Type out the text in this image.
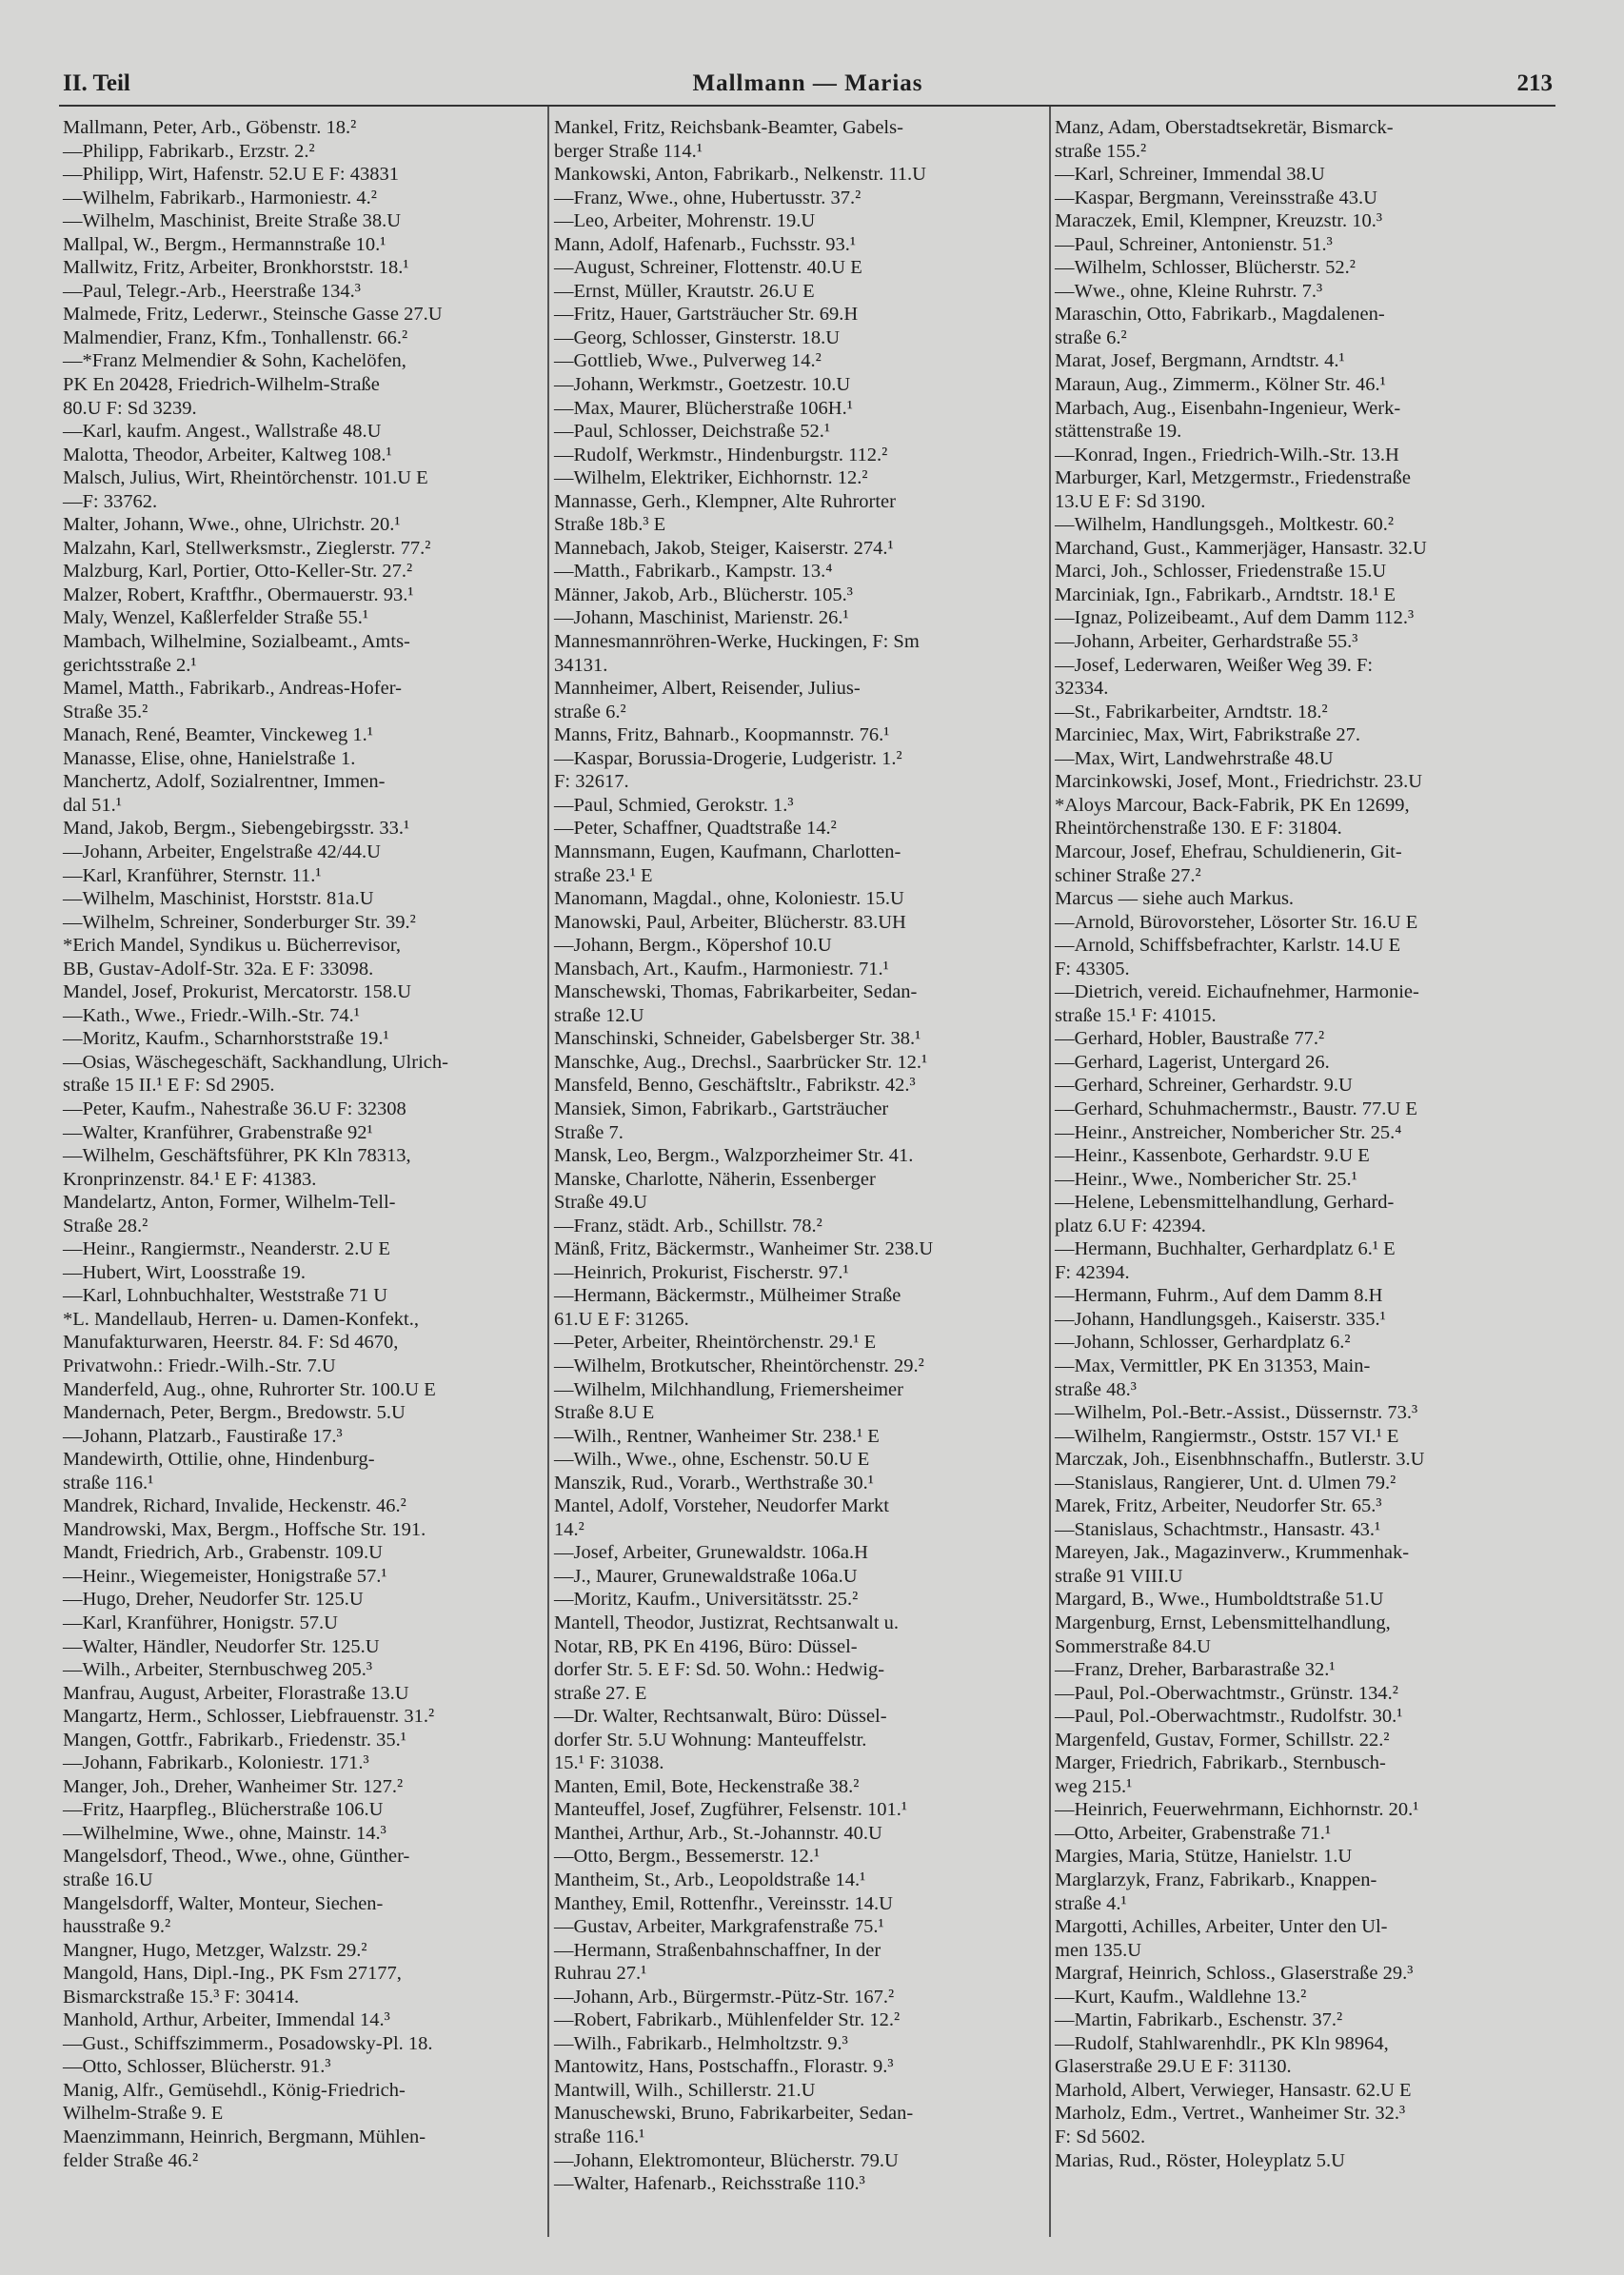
II. Teil	Mallmann — Marias	213
Mallmann, Peter, Arb., Göbenstr. 18.²
—Philipp, Fabrikarb., Erzstr. 2.²
—Philipp, Wirt, Hafenstr. 52.U E F: 43831
—Wilhelm, Fabrikarb., Harmoniestr. 4.²
—Wilhelm, Maschinist, Breite Straße 38.U
Mallpal, W., Bergm., Hermannstraße 10.¹
Mallwitz, Fritz, Arbeiter, Bronkhorststr. 18.¹
—Paul, Telegr.-Arb., Heerstraße 134.³
Malmede, Fritz, Lederwr., Steinsche Gasse 27.U
Malmendier, Franz, Kfm., Tonhallenstr. 66.²
—*Franz Melmendier & Sohn, Kachelöfen,
PK En 20428, Friedrich-Wilhelm-Straße
80.U F: Sd 3239.
—Karl, kaufm. Angest., Wallstraße 48.U
Malotta, Theodor, Arbeiter, Kaltweg 108.¹
Malsch, Julius, Wirt, Rheintörchenstr. 101.U E
—F: 33762.
Malter, Johann, Wwe., ohne, Ulrichstr. 20.¹
Malzahn, Karl, Stellwerksmstr., Zieglerstr. 77.²
Malzburg, Karl, Portier, Otto-Keller-Str. 27.²
Malzer, Robert, Kraftfhr., Obermauerstr. 93.¹
Maly, Wenzel, Kaßlerfelder Straße 55.¹
Mambach, Wilhelmine, Sozialbeamt., Amts-
gerichtsstraße 2.¹
Mamel, Matth., Fabrikarb., Andreas-Hofer-
Straße 35.²
Manach, René, Beamter, Vinckeweg 1.¹
Manasse, Elise, ohne, Hanielstraße 1.
Manchertz, Adolf, Sozialrentner, Immen-
dal 51.¹
Mand, Jakob, Bergm., Siebengebirgsstr. 33.¹
—Johann, Arbeiter, Engelstraße 42/44.U
—Karl, Kranführer, Sternstr. 11.¹
—Wilhelm, Maschinist, Horststr. 81a.U
—Wilhelm, Schreiner, Sonderburger Str. 39.²
*Erich Mandel, Syndikus u. Bücherrevisor,
BB, Gustav-Adolf-Str. 32a. E F: 33098.
Mandel, Josef, Prokurist, Mercatorstr. 158.U
—Kath., Wwe., Friedr.-Wilh.-Str. 74.¹
—Moritz, Kaufm., Scharnhorststraße 19.¹
—Osias, Wäschegeschäft, Sackhandlung, Ulrich-
straße 15 II.¹ E F: Sd 2905.
—Peter, Kaufm., Nahestraße 36.U F: 32308
—Walter, Kranführer, Grabenstraße 92¹
—Wilhelm, Geschäftsführer, PK Kln 78313,
Kronprinzenstr. 84.¹ E F: 41383.
Mandelartz, Anton, Former, Wilhelm-Tell-
Straße 28.²
—Heinr., Rangiermstr., Neanderstr. 2.U E
—Hubert, Wirt, Loosstraße 19.
—Karl, Lohnbuchhalter, Weststraße 71 U
*L. Mandellaub, Herren- u. Damen-Konfekt.,
Manufakturwaren, Heerstr. 84. F: Sd 4670,
Privatwohn.: Friedr.-Wilh.-Str. 7.U
Manderfeld, Aug., ohne, Ruhrorter Str. 100.U E
Mandernach, Peter, Bergm., Bredowstr. 5.U
—Johann, Platzarb., Faustiraße 17.³
Mandewirth, Ottilie, ohne, Hindenburg-
straße 116.¹
Mandrek, Richard, Invalide, Heckenstr. 46.²
Mandrowski, Max, Bergm., Hoffsche Str. 191.
Mandt, Friedrich, Arb., Grabenstr. 109.U
—Heinr., Wiegemeister, Honigstraße 57.¹
—Hugo, Dreher, Neudorfer Str. 125.U
—Karl, Kranführer, Honigstr. 57.U
—Walter, Händler, Neudorfer Str. 125.U
—Wilh., Arbeiter, Sternbuschweg 205.³
Manfrau, August, Arbeiter, Florastraße 13.U
Mangartz, Herm., Schlosser, Liebfrauenstr. 31.²
Mangen, Gottfr., Fabrikarb., Friedenstr. 35.¹
—Johann, Fabrikarb., Koloniestr. 171.³
Manger, Joh., Dreher, Wanheimer Str. 127.²
—Fritz, Haarpfleg., Blücherstraße 106.U
—Wilhelmine, Wwe., ohne, Mainstr. 14.³
Mangelsdorf, Theod., Wwe., ohne, Günther-
straße 16.U
Mangelsdorff, Walter, Monteur, Siechen-
hausstraße 9.²
Mangner, Hugo, Metzger, Walzstr. 29.²
Mangold, Hans, Dipl.-Ing., PK Fsm 27177,
Bismarckstraße 15.³ F: 30414.
Manhold, Arthur, Arbeiter, Immendal 14.³
—Gust., Schiffszimmerm., Posadowsky-Pl. 18.
—Otto, Schlosser, Blücherstr. 91.³
Manig, Alfr., Gemüsehdl., König-Friedrich-
Wilhelm-Straße 9. E
Maenzimmann, Heinrich, Bergmann, Mühlen-
felder Straße 46.²
Mankel, Fritz, Reichsbank-Beamter, Gabels-
berger Straße 114.¹
Mankowski, Anton, Fabrikarb., Nelkenstr. 11.U
—Franz, Wwe., ohne, Hubertusstr. 37.²
—Leo, Arbeiter, Mohrenstr. 19.U
Mann, Adolf, Hafenarb., Fuchsstr. 93.¹
—August, Schreiner, Flottenstr. 40.U E
—Ernst, Müller, Krautstr. 26.U E
—Fritz, Hauer, Gartsträucher Str. 69.H
—Georg, Schlosser, Ginsterstr. 18.U
—Gottlieb, Wwe., Pulverweg 14.²
—Johann, Werkmstr., Goetzestr. 10.U
—Max, Maurer, Blücherstraße 106H.¹
—Paul, Schlosser, Deichstraße 52.¹
—Rudolf, Werkmstr., Hindenburgstr. 112.²
—Wilhelm, Elektriker, Eichhornstr. 12.²
Mannasse, Gerh., Klempner, Alte Ruhrorter
Straße 18b.³ E
Mannebach, Jakob, Steiger, Kaiserstr. 274.¹
—Matth., Fabrikarb., Kampstr. 13.⁴
Männer, Jakob, Arb., Blücherstr. 105.³
—Johann, Maschinist, Marienstr. 26.¹
Mannesmannröhren-Werke, Huckingen, F: Sm
34131.
Mannheimer, Albert, Reisender, Julius-
straße 6.²
Manns, Fritz, Bahnarb., Koopmannstr. 76.¹
—Kaspar, Borussia-Drogerie, Ludgeristr. 1.²
F: 32617.
—Paul, Schmied, Gerokstr. 1.³
—Peter, Schaffner, Quadtstraße 14.²
Mannsmann, Eugen, Kaufmann, Charlotten-
straße 23.¹ E
Manomann, Magdal., ohne, Koloniestr. 15.U
Manowski, Paul, Arbeiter, Blücherstr. 83.UH
—Johann, Bergm., Köpershof 10.U
Mansbach, Art., Kaufm., Harmoniestr. 71.¹
Manschewski, Thomas, Fabrikarbeiter, Sedan-
straße 12.U
Manschinski, Schneider, Gabelsberger Str. 38.¹
Manschke, Aug., Drechsl., Saarbrücker Str. 12.¹
Mansfeld, Benno, Geschäftsltr., Fabrikstr. 42.³
Mansiek, Simon, Fabrikarb., Gartsträucher
Straße 7.
Mansk, Leo, Bergm., Walzporzheimer Str. 41.
Manske, Charlotte, Näherin, Essenberger
Straße 49.U
—Franz, städt. Arb., Schillstr. 78.²
Mänß, Fritz, Bäckermstr., Wanheimer Str. 238.U
—Heinrich, Prokurist, Fischerstr. 97.¹
—Hermann, Bäckermstr., Mülheimer Straße
61.U E F: 31265.
—Peter, Arbeiter, Rheintörchenstr. 29.¹ E
—Wilhelm, Brotkutscher, Rheintörchenstr. 29.²
—Wilhelm, Milchhandlung, Friemersheimer
Straße 8.U E
—Wilh., Rentner, Wanheimer Str. 238.¹ E
—Wilh., Wwe., ohne, Eschenstr. 50.U E
Manszik, Rud., Vorarb., Werthstraße 30.¹
Mantel, Adolf, Vorsteher, Neudorfer Markt
14.²
—Josef, Arbeiter, Grunewaldstr. 106a.H
—J., Maurer, Grunewaldstraße 106a.U
—Moritz, Kaufm., Universitätsstr. 25.²
Mantell, Theodor, Justizrat, Rechtsanwalt u.
Notar, RB, PK En 4196, Büro: Düssel-
dorfer Str. 5. E F: Sd. 50. Wohn.: Hedwig-
straße 27. E
—Dr. Walter, Rechtsanwalt, Büro: Düssel-
dorfer Str. 5.U Wohnung: Manteuffelstr.
15.¹ F: 31038.
Manten, Emil, Bote, Heckenstraße 38.²
Manteuffel, Josef, Zugführer, Felsenstr. 101.¹
Manthei, Arthur, Arb., St.-Johannstr. 40.U
—Otto, Bergm., Bessemerstr. 12.¹
Mantheim, St., Arb., Leopoldstraße 14.¹
Manthey, Emil, Rottenfhr., Vereinsstr. 14.U
—Gustav, Arbeiter, Markgrafenstraße 75.¹
—Hermann, Straßenbahnschaffner, In der
Ruhrau 27.¹
—Johann, Arb., Bürgermstr.-Pütz-Str. 167.²
—Robert, Fabrikarb., Mühlenfelder Str. 12.²
—Wilh., Fabrikarb., Helmholtzstr. 9.³
Mantowitz, Hans, Postschaffn., Florastr. 9.³
Mantwill, Wilh., Schillerstr. 21.U
Manuschewski, Bruno, Fabrikarbeiter, Sedan-
straße 116.¹
—Johann, Elektromonteur, Blücherstr. 79.U
—Walter, Hafenarb., Reichsstraße 110.³
Manz, Adam, Oberstadtsekretär, Bismarck-
straße 155.²
—Karl, Schreiner, Immendal 38.U
—Kaspar, Bergmann, Vereinsstraße 43.U
Maraczek, Emil, Klempner, Kreuzstr. 10.³
—Paul, Schreiner, Antonienstr. 51.³
—Wilhelm, Schlosser, Blücherstr. 52.²
—Wwe., ohne, Kleine Ruhrstr. 7.³
Maraschin, Otto, Fabrikarb., Magdalenen-
straße 6.²
Marat, Josef, Bergmann, Arndtstr. 4.¹
Maraun, Aug., Zimmerm., Kölner Str. 46.¹
Marbach, Aug., Eisenbahn-Ingenieur, Werk-
stättenstraße 19.
—Konrad, Ingen., Friedrich-Wilh.-Str. 13.H
Marburger, Karl, Metzgermstr., Friedenstraße
13.U E F: Sd 3190.
—Wilhelm, Handlungsgeh., Moltkestr. 60.²
Marchand, Gust., Kammerjäger, Hansastr. 32.U
Marci, Joh., Schlosser, Friedenstraße 15.U
Marciniak, Ign., Fabrikarb., Arndtstr. 18.¹ E
—Ignaz, Polizeibeamt., Auf dem Damm 112.³
—Johann, Arbeiter, Gerhardstraße 55.³
—Josef, Lederwaren, Weißer Weg 39. F:
32334.
—St., Fabrikarbeiter, Arndtstr. 18.²
Marciniec, Max, Wirt, Fabrikstraße 27.
—Max, Wirt, Landwehrstraße 48.U
Marcinkowski, Josef, Mont., Friedrichstr. 23.U
*Aloys Marcour, Back-Fabrik, PK En 12699,
Rheintörchenstraße 130. E F: 31804.
Marcour, Josef, Ehefrau, Schuldienerin, Git-
schiner Straße 27.²
Marcus — siehe auch Markus.
—Arnold, Bürovorsteher, Lösorter Str. 16.U E
—Arnold, Schiffsbefrachter, Karlstr. 14.U E
F: 43305.
—Dietrich, vereid. Eichaufnehmer, Harmonie-
straße 15.¹ F: 41015.
—Gerhard, Hobler, Baustraße 77.²
—Gerhard, Lagerist, Untergard 26.
—Gerhard, Schreiner, Gerhardstr. 9.U
—Gerhard, Schuhmachermstr., Baustr. 77.U E
—Heinr., Anstreicher, Nombericher Str. 25.⁴
—Heinr., Kassenbote, Gerhardstr. 9.U E
—Heinr., Wwe., Nombericher Str. 25.¹
—Helene, Lebensmittelhandlung, Gerhard-
platz 6.U F: 42394.
—Hermann, Buchhalter, Gerhardplatz 6.¹ E
F: 42394.
—Hermann, Fuhrm., Auf dem Damm 8.H
—Johann, Handlungsgeh., Kaiserstr. 335.¹
—Johann, Schlosser, Gerhardplatz 6.²
—Max, Vermittler, PK En 31353, Main-
straße 48.³
—Wilhelm, Pol.-Betr.-Assist., Düssernstr. 73.³
—Wilhelm, Rangiermstr., Oststr. 157 VI.¹ E
Marczak, Joh., Eisenbhnschaffn., Butlerstr. 3.U
—Stanislaus, Rangierer, Unt. d. Ulmen 79.²
Marek, Fritz, Arbeiter, Neudorfer Str. 65.³
—Stanislaus, Schachtmstr., Hansastr. 43.¹
Mareyen, Jak., Magazinverw., Krummenhak-
straße 91 VIII.U
Margard, B., Wwe., Humboldtstraße 51.U
Margenburg, Ernst, Lebensmittelhandlung,
Sommerstraße 84.U
—Franz, Dreher, Barbarastraße 32.¹
—Paul, Pol.-Oberwachtmstr., Grünstr. 134.²
—Paul, Pol.-Oberwachtmstr., Rudolfstr. 30.¹
Margenfeld, Gustav, Former, Schillstr. 22.²
Marger, Friedrich, Fabrikarb., Sternbusch-
weg 215.¹
—Heinrich, Feuerwehrmann, Eichhornstr. 20.¹
—Otto, Arbeiter, Grabenstraße 71.¹
Margies, Maria, Stütze, Hanielstr. 1.U
Marglarzyk, Franz, Fabrikarb., Knappen-
straße 4.¹
Margotti, Achilles, Arbeiter, Unter den Ul-
men 135.U
Margraf, Heinrich, Schloss., Glaserstraße 29.³
—Kurt, Kaufm., Waldlehne 13.²
—Martin, Fabrikarb., Eschenstr. 37.²
—Rudolf, Stahlwarenhdlr., PK Kln 98964,
Glaserstraße 29.U E F: 31130.
Marhold, Albert, Verwieger, Hansastr. 62.U E
Marholz, Edm., Vertret., Wanheimer Str. 32.³
F: Sd 5602.
Marias, Rud., Röster, Holeyplatz 5.U
